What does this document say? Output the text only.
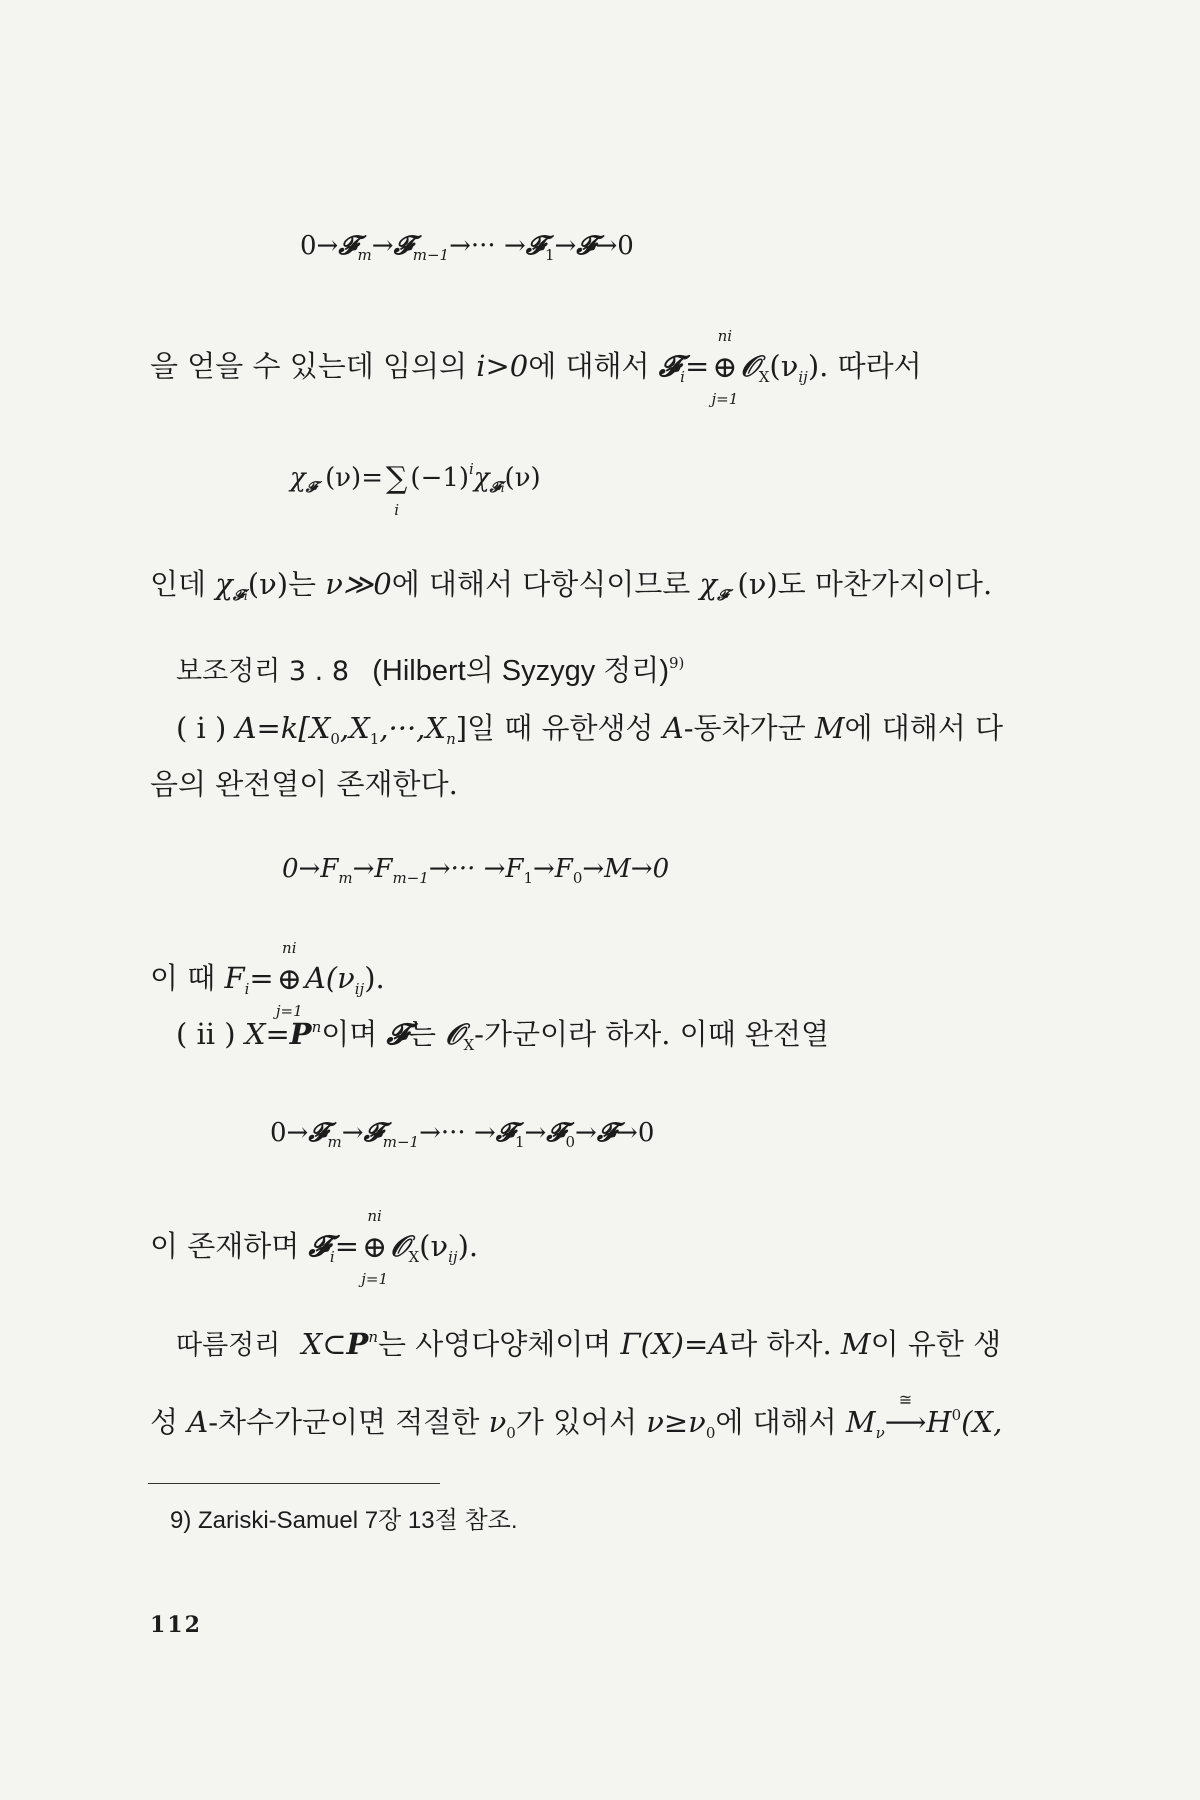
0→𝓕$_m$→𝓕$_{m-1}$→··· →𝓕$_1$→𝓕→0
을 얻을 수 있는데 임의의 i>0에 대해서 𝓕$_i$=
ni
⊕
j=1
$𝒪_X(\nu_{ij})$. 따라서
$\chi_𝓕$ (ν)= ∑
i
$(-1)^i\chi_{𝓕i}(\nu)$
인데 $\chi_{𝓕i}(\nu)$는 ν≫0에 대해서 다항식이므로 $\chi_𝓕$ (ν)도 마찬가지이다.
보조정리 3 . 8 (Hilbert의 Syzygy 정리)$^{9)}$
( i ) $A=k[X_0,X_1,\cdot\cdot\cdot,X_n]$일 때 유한생성 A-동차가군 M에 대해서 다
음의 완전열이 존재한다.
$0\to F_m\to F_{m-1}\to\cdot\cdot\cdot \to F_1\to F_0\to M\to 0$
이 때 $F_i=$
ni
⊕
j=1
$A(\nu_{ij})$.
( ii ) $X=P^n$이며 𝓕는 𝒪$_X$-가군이라 하자. 이때 완전열
0→𝓕$_m$→𝓕$_{m-1}$→··· →𝓕$_1$→𝓕$_0$→𝓕→0
이 존재하며 𝓕$_i$=
ni
⊕
j=1
$𝒪_X(\nu_{ij})$.
따름정리 $X\subset P^n$는 사영다양체이며 Γ(X)=A라 하자. M이 유한 생
성 A-차수가군이면 적절한 $\nu_0$가 있어서 $\nu\ge\nu_0$에 대해서 $M_\nu$
≅
$⟶H^0(X$,
9) Zariski-Samuel 7장 13절 참조.
112
